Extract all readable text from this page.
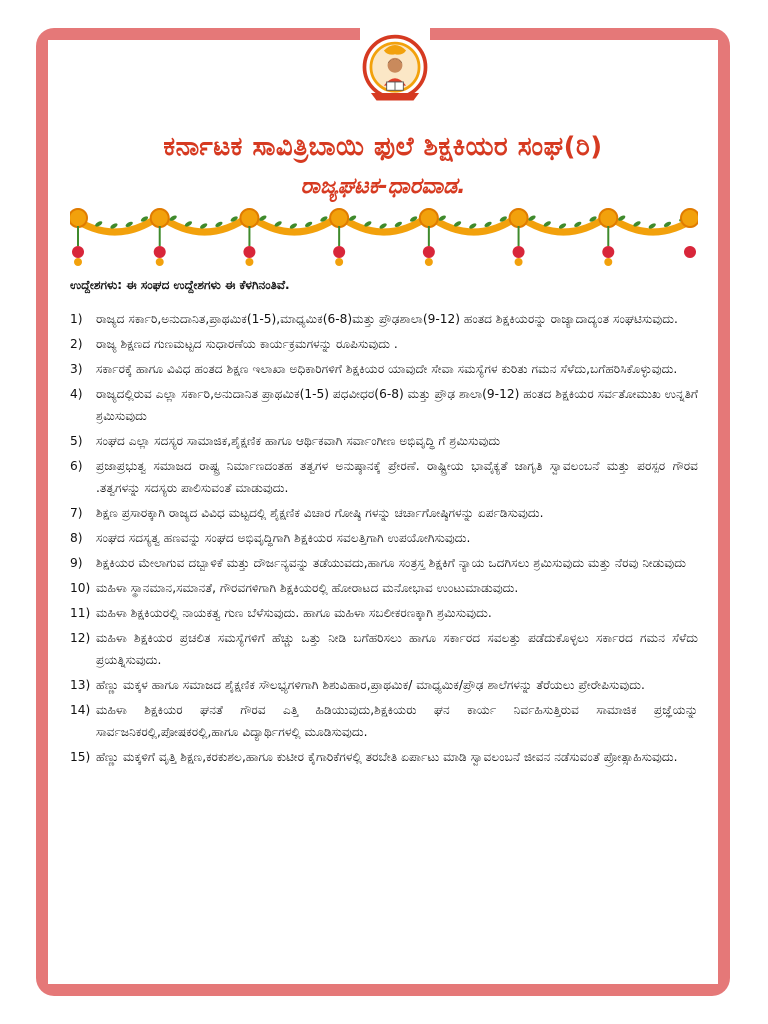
ಕರ್ನಾಟಕ ಸಾವಿತ್ರಿಬಾಯಿ ಫುಲೆ ಶಿಕ್ಷಕಿಯರ ಸಂಘ(ರಿ)
ರಾಜ್ಯಘಟಕ-ಧಾರವಾಡ.
ಉದ್ದೇಶಗಳು: ಈ ಸಂಘದ ಉದ್ದೇಶಗಳು ಈ ಕೆಳಗಿನಂತಿವೆ.
1)	ರಾಜ್ಯದ ಸರ್ಕಾರಿ,ಅನುದಾನಿತ,ಪ್ರಾಥಮಿಕ(1-5),ಮಾಧ್ಯಮಿಕ(6-8)ಮತ್ತು ಪ್ರೌಢಶಾಲಾ(9-12) ಹಂತದ ಶಿಕ್ಷಕಿಯರನ್ನು ರಾಜ್ಯಾದಾದ್ಯಂತ ಸಂಘಟಿಸುವುದು.
2)	ರಾಜ್ಯ ಶಿಕ್ಷಣದ ಗುಣಮಟ್ಟದ ಸುಧಾರಣೆಯ ಕಾರ್ಯಕ್ರಮಗಳನ್ನು ರೂಪಿಸುವುದು .
3)	ಸರ್ಕಾರಕ್ಕೆ ಹಾಗೂ ವಿವಿಧ ಹಂತದ ಶಿಕ್ಷಣ ಇಲಾಖಾ ಅಧಿಕಾರಿಗಳಿಗೆ ಶಿಕ್ಷಕಿಯರ ಯಾವುದೇ ಸೇವಾ ಸಮಸ್ಯೆಗಳ ಕುರಿತು ಗಮನ ಸೆಳೆದು,ಬಗೆಹರಿಸಿಕೊಳ್ಳುವುದು.
4)	ರಾಜ್ಯದಲ್ಲಿರುವ ಎಲ್ಲಾ ಸರ್ಕಾರಿ,ಅನುದಾನಿತ ಪ್ರಾಥಮಿಕ(1-5) ಪಧವೀಧರ(6-8) ಮತ್ತು ಪ್ರೌಢ ಶಾಲಾ(9-12) ಹಂತದ ಶಿಕ್ಷಕಿಯರ ಸರ್ವತೋಮುಖ ಉನ್ನತಿಗೆ ಶ್ರಮಿಸುವುದು
5)	ಸಂಘದ ಎಲ್ಲಾ ಸದಸ್ಯರ ಸಾಮಾಜಿಕ,ಶೈಕ್ಷಣಿಕ ಹಾಗೂ ಆರ್ಥಿಕವಾಗಿ ಸರ್ವಾಂಗೀಣ ಅಭಿವೃದ್ಧಿ ಗೆ ಶ್ರಮಿಸುವುದು
6)	ಪ್ರಜಾಪ್ರಭುತ್ವ ಸಮಾಜದ ರಾಷ್ಟ್ರ ನಿರ್ಮಾಣದಂತಹ ತತ್ವಗಳ ಅನುಷ್ಠಾನಕ್ಕೆ ಪ್ರೇರಣೆ. ರಾಷ್ಟ್ರೀಯ ಭಾವೈಕ್ಯತೆ ಜಾಗೃತಿ ಸ್ವಾವಲಂಬನೆ ಮತ್ತು ಪರಸ್ಪರ ಗೌರವ .ತತ್ವಗಳನ್ನು ಸದಸ್ಯರು ಪಾಲಿಸುವಂತೆ ಮಾಡುವುದು.
7)	ಶಿಕ್ಷಣ ಪ್ರಸಾರಕ್ಕಾಗಿ ರಾಜ್ಯದ ವಿವಿಧ ಮಟ್ಟದಲ್ಲಿ ಶೈಕ್ಷಣಿಕ ವಿಚಾರ ಗೋಷ್ಠಿ ಗಳನ್ನು ಚರ್ಚಾಗೋಷ್ಠಿಗಳನ್ನು ಏರ್ಪಡಿಸುವುದು.
8)	ಸಂಘದ ಸದಸ್ಯತ್ವ ಹಣವನ್ನು ಸಂಘದ ಅಭಿವೃದ್ಧಿಗಾಗಿ ಶಿಕ್ಷಕಿಯರ ಸವಲತ್ತಿಗಾಗಿ ಉಪಯೋಗಿಸುವುದು.
9)	ಶಿಕ್ಷಕಿಯರ ಮೇಲಾಗುವ ದಬ್ಬಾಳಿಕೆ ಮತ್ತು ದೌರ್ಜನ್ಯವನ್ನು ತಡೆಯುವದು,ಹಾಗೂ ಸಂತ್ರಸ್ತ ಶಿಕ್ಷಕಿಗೆ ನ್ಯಾಯ ಒದಗಿಸಲು ಶ್ರಮಿಸುವುದು ಮತ್ತು ನೆರವು ನೀಡುವುದು
10) ಮಹಿಳಾ ಸ್ಥಾನಮಾನ,ಸಮಾನತೆ, ಗೌರವಗಳಿಗಾಗಿ ಶಿಕ್ಷಕಿಯರಲ್ಲಿ ಹೋರಾಟದ ಮನೋಭಾವ ಉಂಟುಮಾಡುವುದು.
11) ಮಹಿಳಾ ಶಿಕ್ಷಕಿಯರಲ್ಲಿ ನಾಯಕತ್ವ ಗುಣ ಬೆಳೆಸುವುದು. ಹಾಗೂ ಮಹಿಳಾ ಸಬಲೀಕರಣಕ್ಕಾಗಿ ಶ್ರಮಿಸುವುದು.
12) ಮಹಿಳಾ ಶಿಕ್ಷಕಿಯರ ಪ್ರಚಲಿತ ಸಮಸ್ಯೆಗಳಿಗೆ ಹೆಚ್ಚು ಒತ್ತು ನೀಡಿ ಬಗೆಹರಿಸಲು ಹಾಗೂ ಸರ್ಕಾರದ ಸವಲತ್ತು ಪಡೆದುಕೊಳ್ಳಲು ಸರ್ಕಾರದ ಗಮನ ಸೆಳೆದು ಪ್ರಯತ್ನಿಸುವುದು.
13) ಹೆಣ್ಣು ಮಕ್ಕಳ ಹಾಗೂ ಸಮಾಜದ ಶೈಕ್ಷಣಿಕ ಸೌಲಭ್ಯಗಳಿಗಾಗಿ ಶಿಶುವಿಹಾರ,ಪ್ರಾಥಮಿಕ/ ಮಾಧ್ಯಮಿಕ/ಪ್ರೌಢ ಶಾಲೆಗಳನ್ನು ತೆರೆಯಲು ಪ್ರೇರೇಪಿಸುವುದು.
14) ಮಹಿಳಾ ಶಿಕ್ಷಕಿಯರ ಘನತೆ ಗೌರವ ಎತ್ತಿ ಹಿಡಿಯುವುದು,ಶಿಕ್ಷಕಿಯರು ಘನ ಕಾರ್ಯ ನಿರ್ವಹಿಸುತ್ತಿರುವ ಸಾಮಾಜಿಕ ಪ್ರಜ್ಞೆಯನ್ನು ಸಾರ್ವಜನಿಕರಲ್ಲಿ,ಪೋಷಕರಲ್ಲಿ,ಹಾಗೂ ವಿದ್ಯಾರ್ಥಿಗಳಲ್ಲಿ ಮೂಡಿಸುವುದು.
15) ಹೆಣ್ಣು ಮಕ್ಕಳಿಗೆ ವೃತ್ತಿ ಶಿಕ್ಷಣ,ಕರಕುಶಲ,ಹಾಗೂ ಕುಟೀರ ಕೈಗಾರಿಕೆಗಳಲ್ಲಿ ತರಬೇತಿ ಏರ್ಪಾಟು ಮಾಡಿ ಸ್ವಾವಲಂಬನೆ ಜೀವನ ನಡೆಸುವಂತೆ ಪ್ರೋತ್ಸಾಹಿಸುವುದು.
